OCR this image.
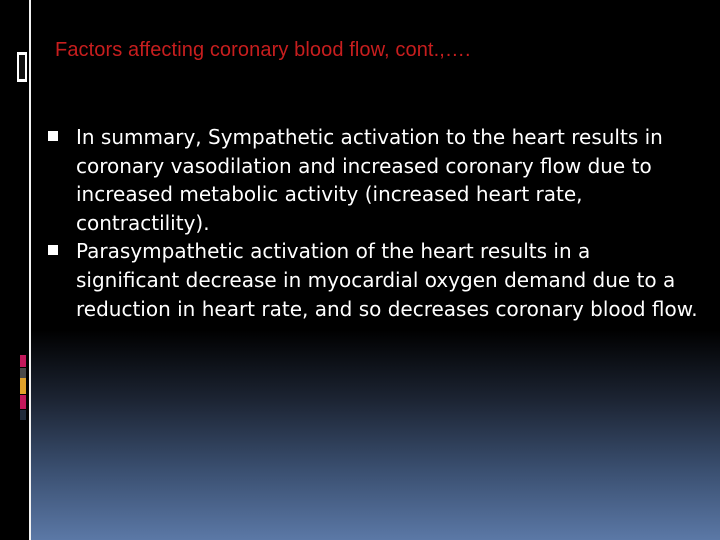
Factors affecting coronary blood flow, cont.,….
In summary, Sympathetic activation to the heart results in coronary vasodilation and increased coronary flow due to increased metabolic activity (increased heart rate, contractility).
Parasympathetic activation of the heart results in a significant decrease in myocardial oxygen demand due to a reduction in heart rate, and so decreases coronary blood flow.
